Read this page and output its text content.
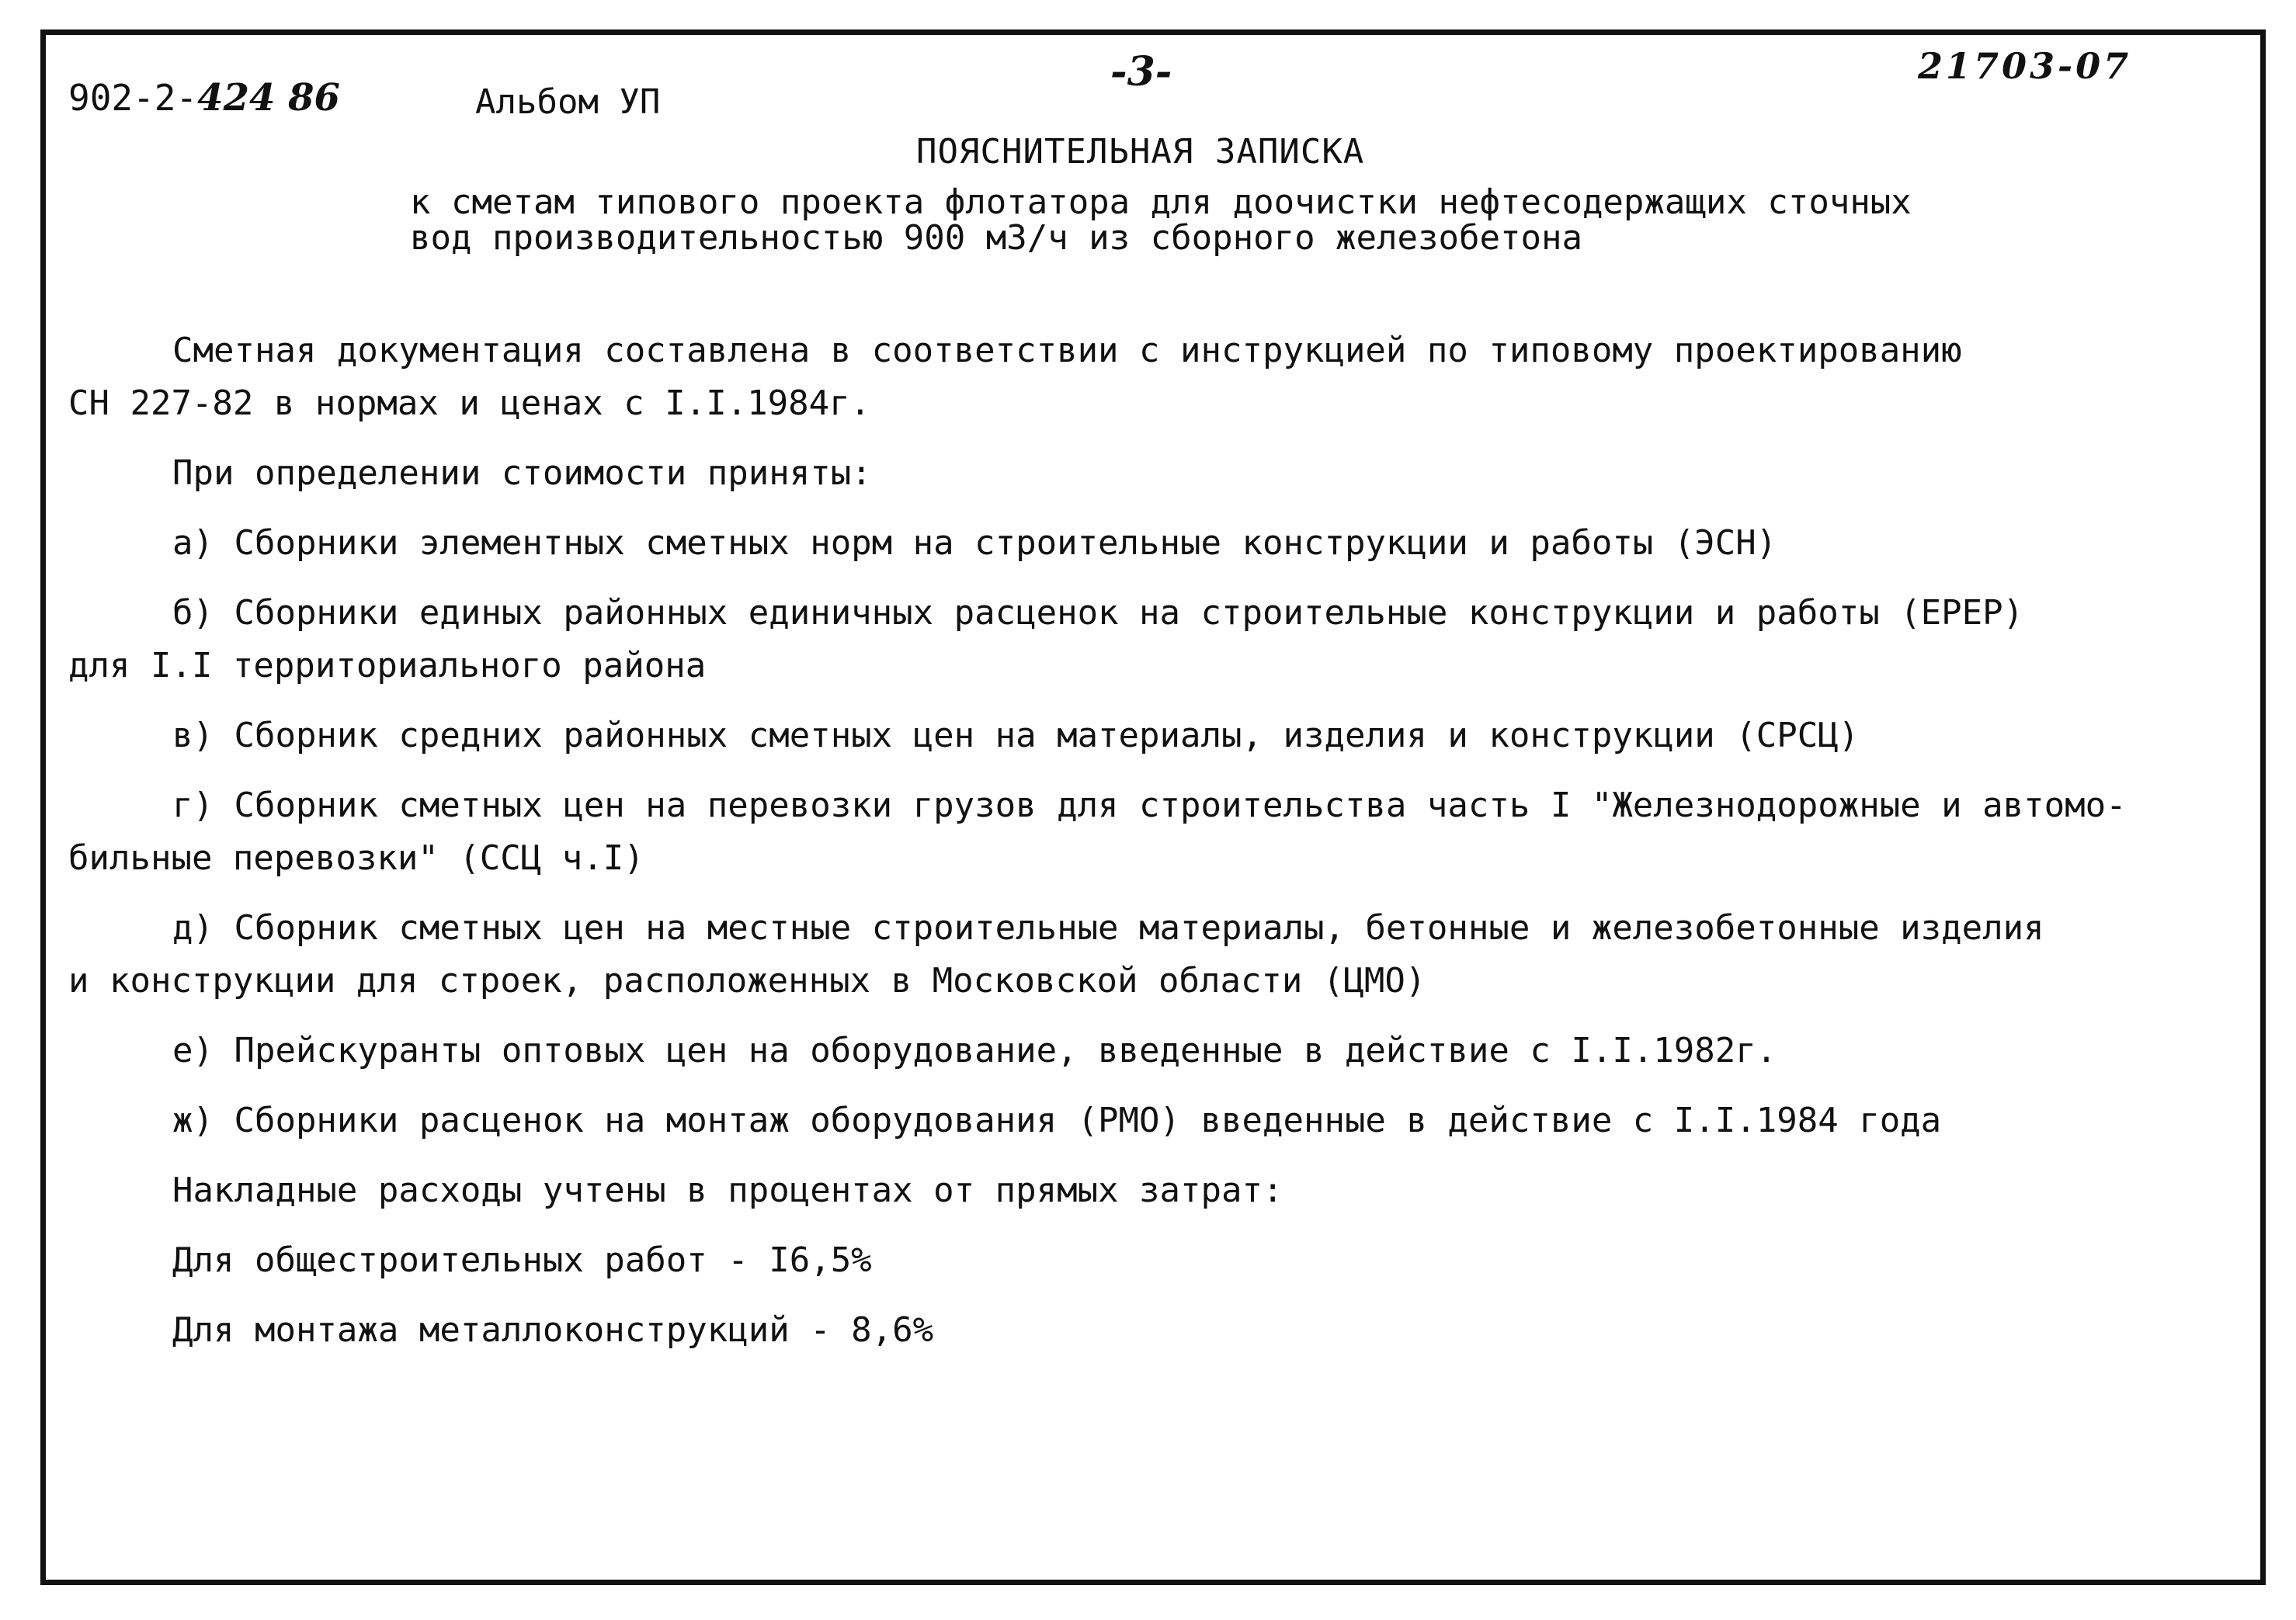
902-2-424 86	Альбом УП
-3-	21703-07
ПОЯСНИТЕЛЬНАЯ ЗАПИСКА
к сметам типового проекта флотатора для доочистки нефтесодержащих сточных
вод производительностью 900 м3/ч из сборного железобетона

Сметная документация составлена в соответствии с инструкцией по типовому проектированию

СН 227-82 в нормах и ценах с I.I.1984г.

При определении стоимости приняты:

а) Сборники элементных сметных норм на строительные конструкции и работы (ЭСН)

б) Сборники единых районных единичных расценок на строительные конструкции и работы (ЕРЕР)

для I.I территориального района

в) Сборник средних районных сметных цен на материалы, изделия и конструкции (СРСЦ)

г) Сборник сметных цен на перевозки грузов для строительства часть I "Железнодорожные и автомо-

бильные перевозки" (ССЦ ч.I)

д) Сборник сметных цен на местные строительные материалы, бетонные и железобетонные изделия

и конструкции для строек, расположенных в Московской области (ЦМО)

е) Прейскуранты оптовых цен на оборудование, введенные в действие с I.I.1982г.

ж) Сборники расценок на монтаж оборудования (РМО) введенные в действие с I.I.1984 года

Накладные расходы учтены в процентах от прямых затрат:

Для общестроительных работ - I6,5%

Для монтажа металлоконструкций - 8,6%
